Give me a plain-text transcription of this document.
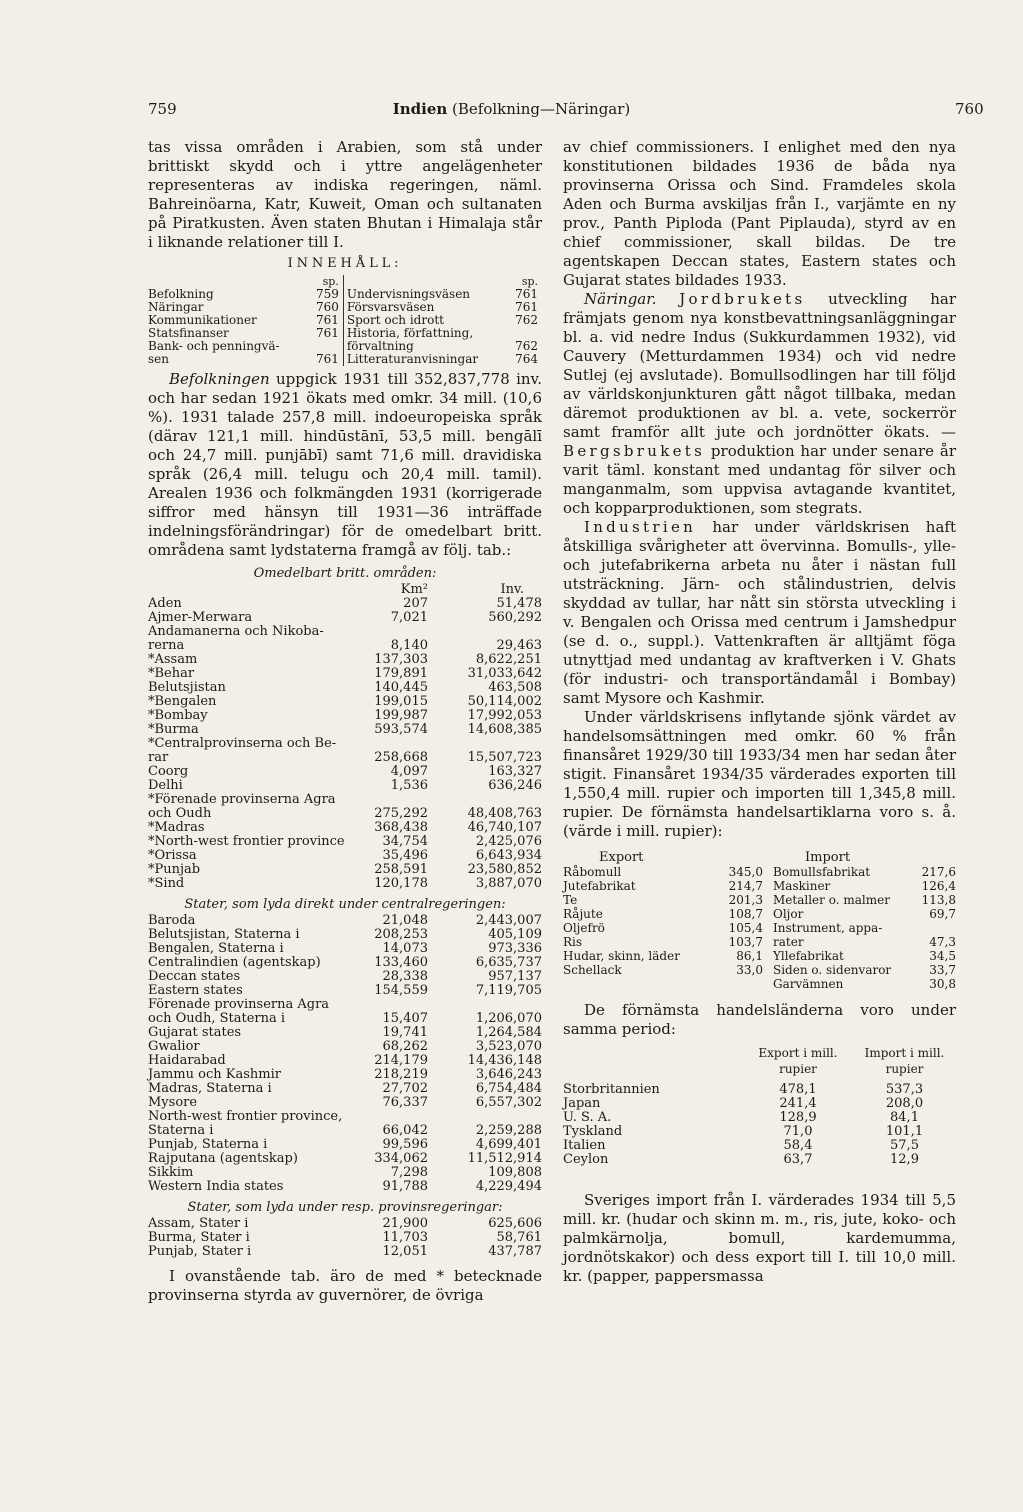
759	Indien (Befolkning—Näringar)	760

tas vissa områden i Arabien, som stå under brittiskt skydd och i yttre angelägenheter representeras av indiska regeringen, näml. Bahreinöarna, Katr, Kuweit, Oman och sultanaten på Piratkusten. Även staten Bhutan i Himalaja står i liknande relationer till I.

INNEHÅLL:
	sp.		sp.
Befolkning	759	Undervisningsväsen	761
Näringar	760	Försvarsväsen	761
Kommunikationer	761	Sport och idrott	762
Statsfinanser	761	Historia, författning,	
Bank- och penningvä-		förvaltning	762
sen	761	Litteraturanvisningar	764

Befolkningen uppgick 1931 till 352,837,778 inv. och har sedan 1921 ökats med omkr. 34 mill. (10,6 %). 1931 talade 257,8 mill. indoeuropeiska språk (därav 121,1 mill. hindūstānī, 53,5 mill. bengālī och 24,7 mill. punjābī) samt 71,6 mill. dravidiska språk (26,4 mill. telugu och 20,4 mill. tamil). Arealen 1936 och folkmängden 1931 (korrigerade siffror med hänsyn till 1931—36 inträffade indelningsförändringar) för de omedelbart britt. områdena samt lydstaterna framgå av följ. tab.:

Omedelbart britt. områden:
	Km²	Inv.
Aden	207	51,478
Ajmer-Merwara	7,021	560,292
Andamanerna och Nikoba-		
rerna	8,140	29,463
*Assam	137,303	8,622,251
*Behar	179,891	31,033,642
Belutsjistan	140,445	463,508
*Bengalen	199,015	50,114,002
*Bombay	199,987	17,992,053
*Burma	593,574	14,608,385
*Centralprovinserna och Be-		
rar	258,668	15,507,723
Coorg	4,097	163,327
Delhi	1,536	636,246
*Förenade provinserna Agra		
och Oudh	275,292	48,408,763
*Madras	368,438	46,740,107
*North-west frontier province	34,754	2,425,076
*Orissa	35,496	6,643,934
*Punjab	258,591	23,580,852
*Sind	120,178	3,887,070
Stater, som lyda direkt under centralregeringen:
Baroda	21,048	2,443,007
Belutsjistan, Staterna i	208,253	405,109
Bengalen, Staterna i	14,073	973,336
Centralindien (agentskap)	133,460	6,635,737
Deccan states	28,338	957,137
Eastern states	154,559	7,119,705
Förenade provinserna Agra		
och Oudh, Staterna i	15,407	1,206,070
Gujarat states	19,741	1,264,584
Gwalior	68,262	3,523,070
Haidarabad	214,179	14,436,148
Jammu och Kashmir	218,219	3,646,243
Madras, Staterna i	27,702	6,754,484
Mysore	76,337	6,557,302
North-west frontier province,		
Staterna i	66,042	2,259,288
Punjab, Staterna i	99,596	4,699,401
Rajputana (agentskap)	334,062	11,512,914
Sikkim	7,298	109,808
Western India states	91,788	4,229,494
Stater, som lyda under resp. provinsregeringar:
Assam, Stater i	21,900	625,606
Burma, Stater i	11,703	58,761
Punjab, Stater i	12,051	437,787

I ovanstående tab. äro de med * betecknade provinserna styrda av guvernörer, de övriga

av chief commissioners. I enlighet med den nya konstitutionen bildades 1936 de båda nya provinserna Orissa och Sind. Framdeles skola Aden och Burma avskiljas från I., varjämte en ny prov., Panth Piploda (Pant Piplauda), styrd av en chief commissioner, skall bildas. De tre agentskapen Deccan states, Eastern states och Gujarat states bildades 1933.

Näringar. Jordbrukets utveckling har främjats genom nya konstbevattningsanläggningar bl. a. vid nedre Indus (Sukkurdammen 1932), vid Cauvery (Metturdammen 1934) och vid nedre Sutlej (ej avslutade). Bomullsodlingen har till följd av världskonjunkturen gått något tillbaka, medan däremot produktionen av bl. a. vete, sockerrör samt framför allt jute och jordnötter ökats. — Bergsbrukets produktion har under senare år varit täml. konstant med undantag för silver och manganmalm, som uppvisa avtagande kvantitet, och kopparproduktionen, som stegrats.

Industrien har under världskrisen haft åtskilliga svårigheter att övervinna. Bomulls-, ylle- och jutefabrikerna arbeta nu åter i nästan full utsträckning. Järn- och stålindustrien, delvis skyddad av tullar, har nått sin största utveckling i v. Bengalen och Orissa med centrum i Jamshedpur (se d. o., suppl.). Vattenkraften är alltjämt föga utnyttjad med undantag av kraftverken i V. Ghats (för industri- och transportändamål i Bombay) samt Mysore och Kashmir.

Under världskrisens inflytande sjönk värdet av handelsomsättningen med omkr. 60 % från finansåret 1929/30 till 1933/34 men har sedan åter stigit. Finansåret 1934/35 värderades exporten till 1,550,4 mill. rupier och importen till 1,345,8 mill. rupier. De förnämsta handelsartiklarna voro s. å. (värde i mill. rupier):

Export		Import	
Råbomull	345,0	Bomullsfabrikat	217,6
Jutefabrikat	214,7	Maskiner	126,4
Te	201,3	Metaller o. malmer	113,8
Råjute	108,7	Oljor	69,7
Oljefrö	105,4	Instrument, appa-	
Ris	103,7	rater	47,3
Hudar, skinn, läder	86,1	Yllefabrikat	34,5
Schellack	33,0	Siden o. sidenvaror	33,7
		Garvämnen	30,8

De förnämsta handelsländerna voro under samma period:

	Export i mill.	Import i mill.
	rupier	rupier

Storbritannien	478,1	537,3
Japan	241,4	208,0
U. S. A.	128,9	84,1
Tyskland	71,0	101,1
Italien	58,4	57,5
Ceylon	63,7	12,9

Sveriges import från I. värderades 1934 till 5,5 mill. kr. (hudar och skinn m. m., ris, jute, koko- och palmkärnolja, bomull, kardemumma, jordnötskakor) och dess export till I. till 10,0 mill. kr. (papper, pappersmassa
